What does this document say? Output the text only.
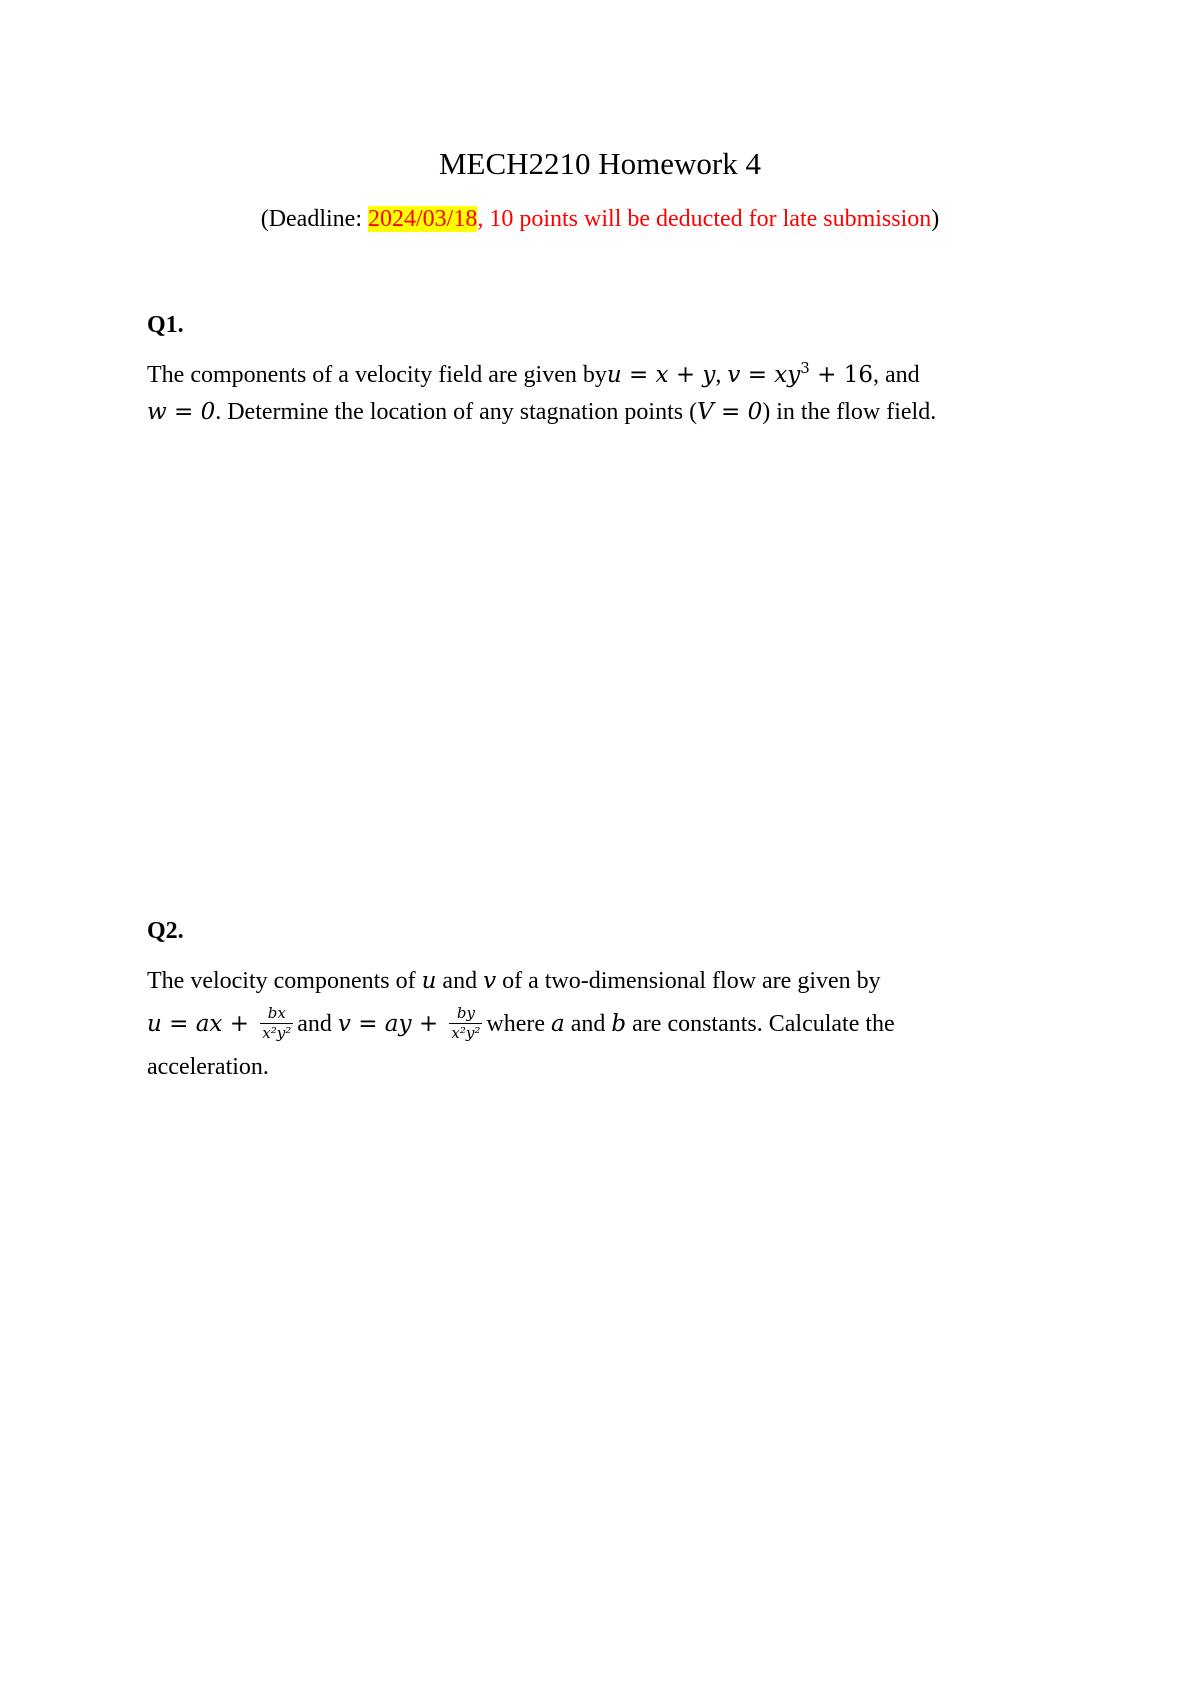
MECH2210 Homework 4
(Deadline: 2024/03/18, 10 points will be deducted for late submission)
Q1.
The components of a velocity field are given byu = x + y, $v = xy^3 + 16$, and
w = 0. Determine the location of any stagnation points (V = 0) in the flow field.
Q2.
The velocity components of u and v of a two-dimensional flow are given by
u = ax + $\frac{bx}{\text{x²y²}}$ and v = ay + $\frac{by}{\text{x²y²}}$ where a and b are constants. Calculate the
acceleration.
